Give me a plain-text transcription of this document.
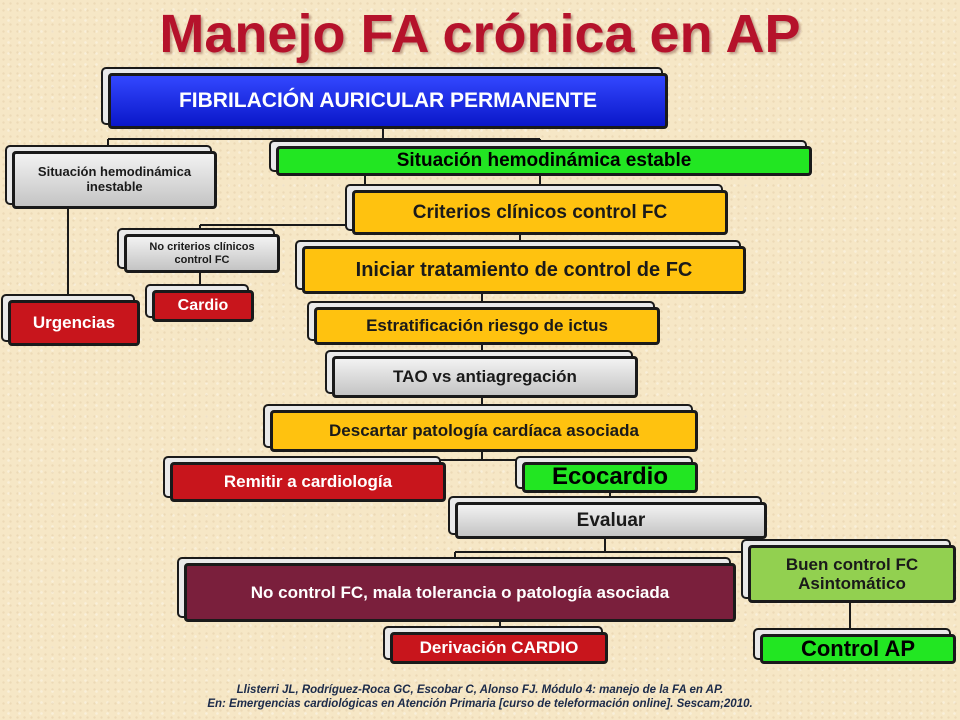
Manejo FA crónica en AP
FIBRILACIÓN AURICULAR PERMANENTE
Situación hemodinámica inestable
Situación hemodinámica estable
Criterios clínicos control FC
No criterios clínicos control FC
Urgencias
Cardio
Iniciar tratamiento de control de FC
Estratificación riesgo de ictus
TAO vs antiagregación
Descartar patología cardíaca asociada
Remitir a cardiología	Ecocardio
Evaluar
No control FC, mala tolerancia o patología asociada
Buen control FC Asintomático
Derivación CARDIO	Control AP
Llisterri JL, Rodríguez-Roca GC, Escobar C, Alonso FJ. Módulo 4: manejo de la FA en AP.
En: Emergencias cardiológicas en Atención Primaria [curso de teleformación online]. Sescam;2010.
